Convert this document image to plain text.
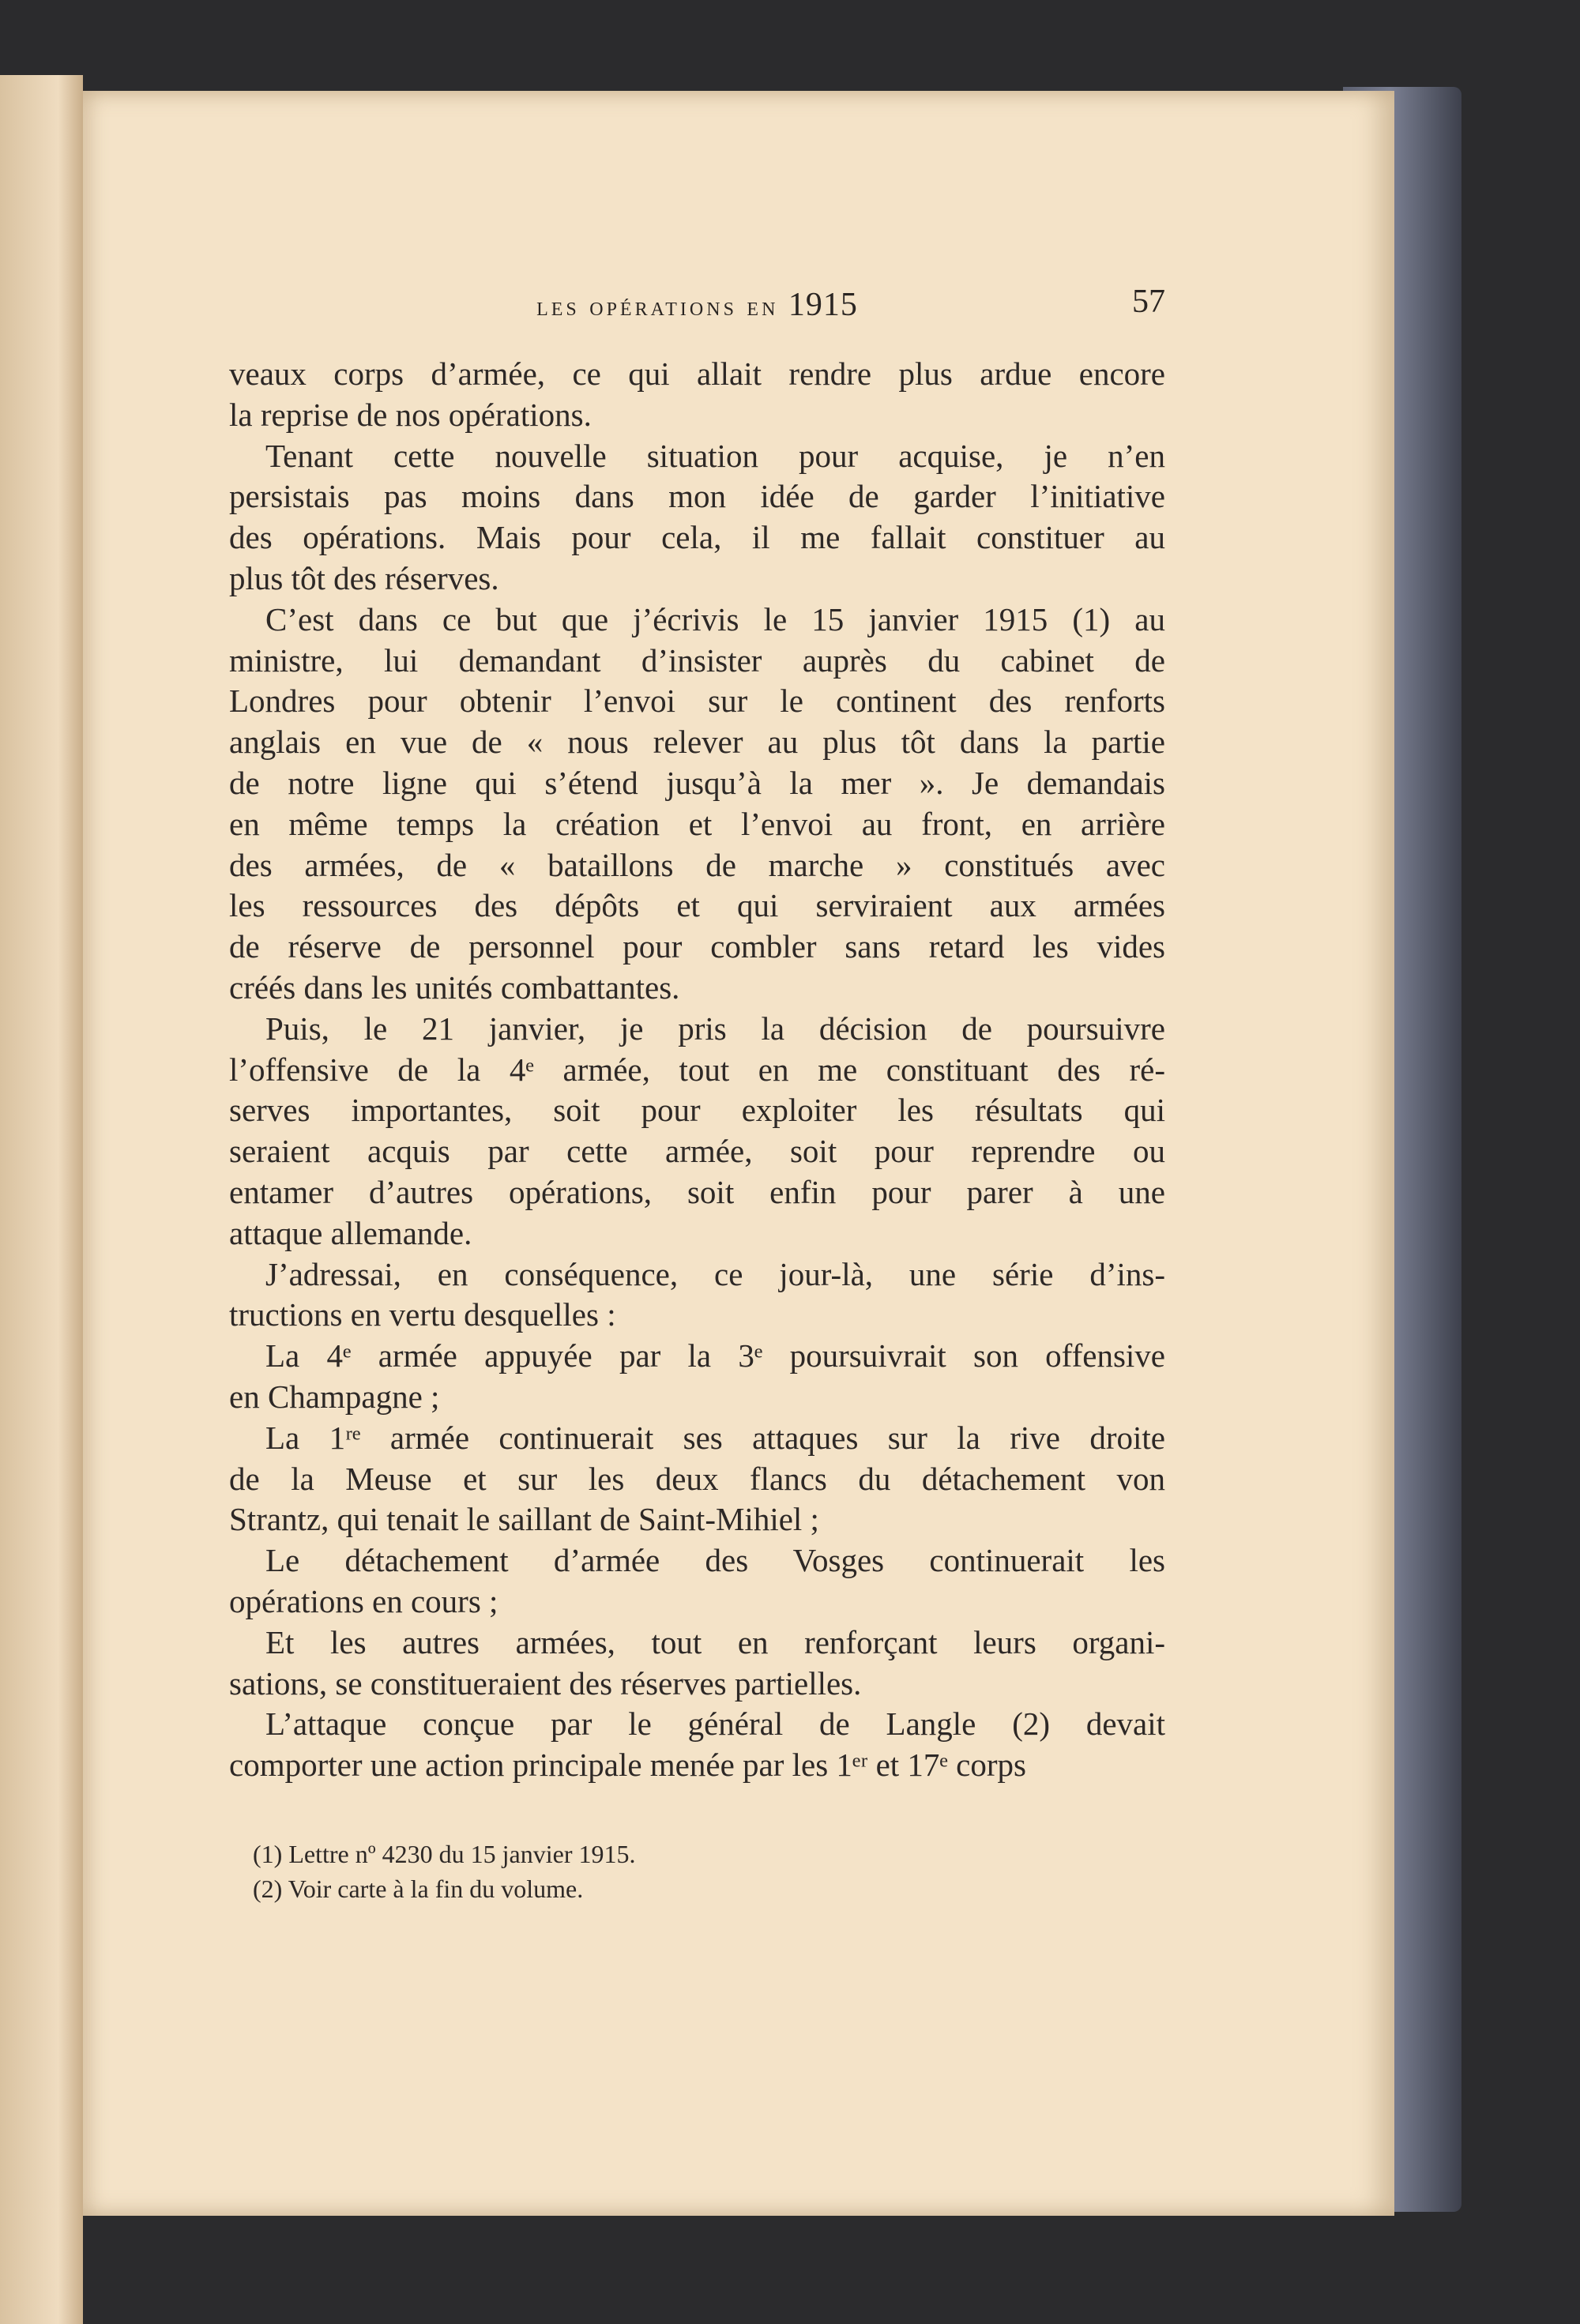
les opérations en 1915	57
veaux corps d’armée, ce qui allait rendre plus ardue encore
la reprise de nos opérations.
Tenant cette nouvelle situation pour acquise, je n’en
persistais pas moins dans mon idée de garder l’initiative
des opérations. Mais pour cela, il me fallait constituer au
plus tôt des réserves.
C’est dans ce but que j’écrivis le 15 janvier 1915 (1) au
ministre, lui demandant d’insister auprès du cabinet de
Londres pour obtenir l’envoi sur le continent des renforts
anglais en vue de « nous relever au plus tôt dans la partie
de notre ligne qui s’étend jusqu’à la mer ». Je demandais
en même temps la création et l’envoi au front, en arrière
des armées, de « bataillons de marche » constitués avec
les ressources des dépôts et qui serviraient aux armées
de réserve de personnel pour combler sans retard les vides
créés dans les unités combattantes.
Puis, le 21 janvier, je pris la décision de poursuivre
l’offensive de la 4ᵉ armée, tout en me constituant des ré-
serves importantes, soit pour exploiter les résultats qui
seraient acquis par cette armée, soit pour reprendre ou
entamer d’autres opérations, soit enfin pour parer à une
attaque allemande.
J’adressai, en conséquence, ce jour-là, une série d’ins-
tructions en vertu desquelles :
La 4ᵉ armée appuyée par la 3ᵉ poursuivrait son offensive
en Champagne ;
La 1ʳᵉ armée continuerait ses attaques sur la rive droite
de la Meuse et sur les deux flancs du détachement von
Strantz, qui tenait le saillant de Saint-Mihiel ;
Le détachement d’armée des Vosges continuerait les
opérations en cours ;
Et les autres armées, tout en renforçant leurs organi-
sations, se constitueraient des réserves partielles.
L’attaque conçue par le général de Langle (2) devait
comporter une action principale menée par les 1ᵉʳ et 17ᵉ corps
(1) Lettre nº 4230 du 15 janvier 1915.
(2) Voir carte à la fin du volume.
